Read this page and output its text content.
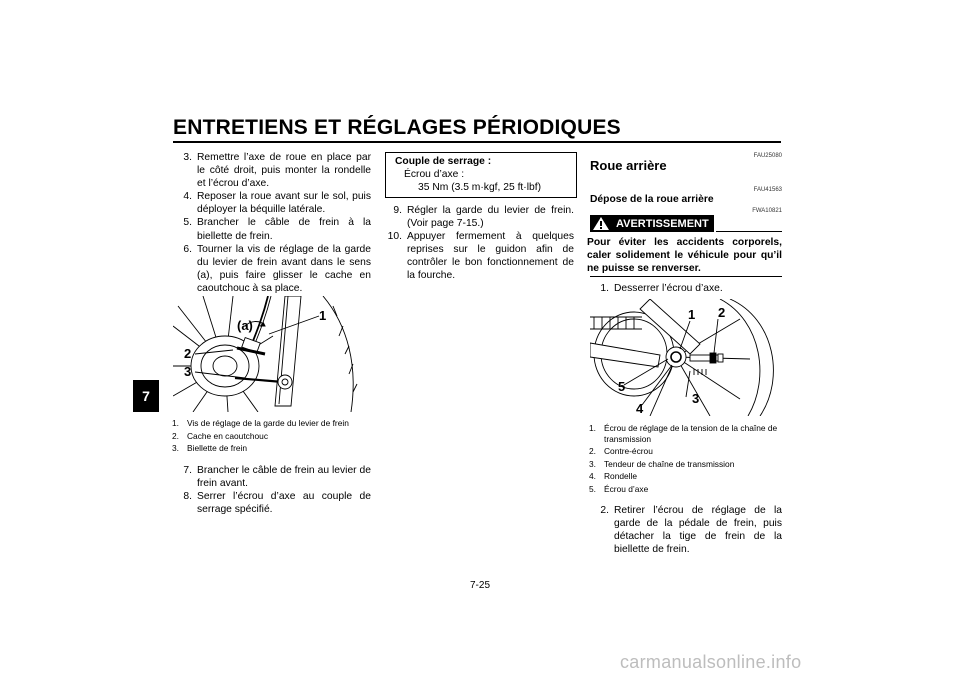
ENTRETIENS ET RÉGLAGES PÉRIODIQUES
7
3. Remettre l’axe de roue en place par le côté droit, puis monter la rondelle et l’écrou d’axe.
4. Reposer la roue avant sur le sol, puis déployer la béquille latérale.
5. Brancher le câble de frein à la biellette de frein.
6. Tourner la vis de réglage de la garde du levier de frein avant dans le sens (a), puis faire glisser le cache en caoutchouc à sa place.
(a)
1
2
3
1. Vis de réglage de la garde du levier de frein
2. Cache en caoutchouc
3. Biellette de frein
7. Brancher le câble de frein au levier de frein avant.
8. Serrer l’écrou d’axe au couple de serrage spécifié.
Couple de serrage :
Écrou d’axe :
35 Nm (3.5 m·kgf, 25 ft·lbf)
9. Régler la garde du levier de frein. (Voir page 7-15.)
10. Appuyer fermement à quelques reprises sur le guidon afin de contrôler le bon fonctionnement de la fourche.
FAU25080
Roue arrière
FAU41563
Dépose de la roue arrière
FWA10821
AVERTISSEMENT
Pour éviter les accidents corporels, caler solidement le véhicule pour qu’il ne puisse se renverser.
1. Desserrer l’écrou d’axe.
1 2
3
4
5
1. Écrou de réglage de la tension de la chaîne de transmission
2. Contre-écrou
3. Tendeur de chaîne de transmission
4. Rondelle
5. Écrou d’axe
2. Retirer l’écrou de réglage de la garde de la pédale de frein, puis détacher la tige de frein de la biellette de frein.
7-25
carmanualsonline.info
